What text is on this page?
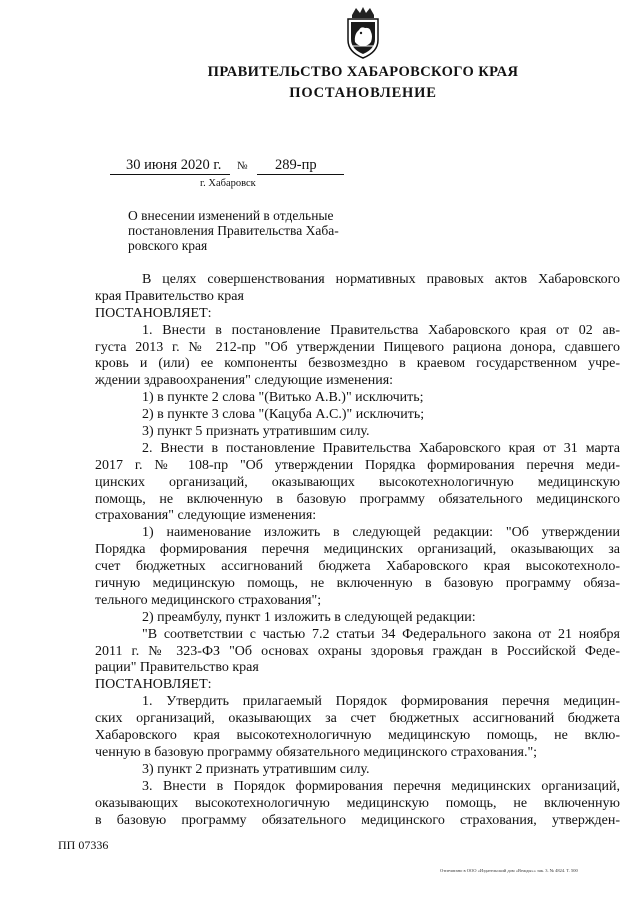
ПРАВИТЕЛЬСТВО ХАБАРОВСКОГО КРАЯ
ПОСТАНОВЛЕНИЕ
30 июня 2020 г. № 289-пр
г. Хабаровск
О внесении изменений в отдельные
постановления Правительства Хаба-
ровского края
В целях совершенствования нормативных правовых актов Хабаровского
края Правительство края
ПОСТАНОВЛЯЕТ:
1. Внести в постановление Правительства Хабаровского края от 02 ав-
густа 2013 г. № 212-пр "Об утверждении Пищевого рациона донора, сдавшего
кровь и (или) ее компоненты безвозмездно в краевом государственном учре-
ждении здравоохранения" следующие изменения:
1) в пункте 2 слова "(Витько А.В.)" исключить;
2) в пункте 3 слова "(Кацуба А.С.)" исключить;
3) пункт 5 признать утратившим силу.
2. Внести в постановление Правительства Хабаровского края от 31 марта
2017 г. № 108-пр "Об утверждении Порядка формирования перечня меди-
цинских организаций, оказывающих высокотехнологичную медицинскую
помощь, не включенную в базовую программу обязательного медицинского
страхования" следующие изменения:
1) наименование изложить в следующей редакции: "Об утверждении
Порядка формирования перечня медицинских организаций, оказывающих за
счет бюджетных ассигнований бюджета Хабаровского края высокотехноло-
гичную медицинскую помощь, не включенную в базовую программу обяза-
тельного медицинского страхования";
2) преамбулу, пункт 1 изложить в следующей редакции:
"В соответствии с частью 7.2 статьи 34 Федерального закона от 21 ноября
2011 г. № 323-ФЗ "Об основах охраны здоровья граждан в Российской Феде-
рации" Правительство края
ПОСТАНОВЛЯЕТ:
1. Утвердить прилагаемый Порядок формирования перечня медицин-
ских организаций, оказывающих за счет бюджетных ассигнований бюджета
Хабаровского края высокотехнологичную медицинскую помощь, не вклю-
ченную в базовую программу обязательного медицинского страхования.";
3) пункт 2 признать утратившим силу.
3. Внести в Порядок формирования перечня медицинских организаций,
оказывающих высокотехнологичную медицинскую помощь, не включенную
в базовую программу обязательного медицинского страхования, утвержден-
ПП 07336
Отпечатано в ООО «Издательский дом «Вежды»» зак. 3. № 4824. Т. 500
